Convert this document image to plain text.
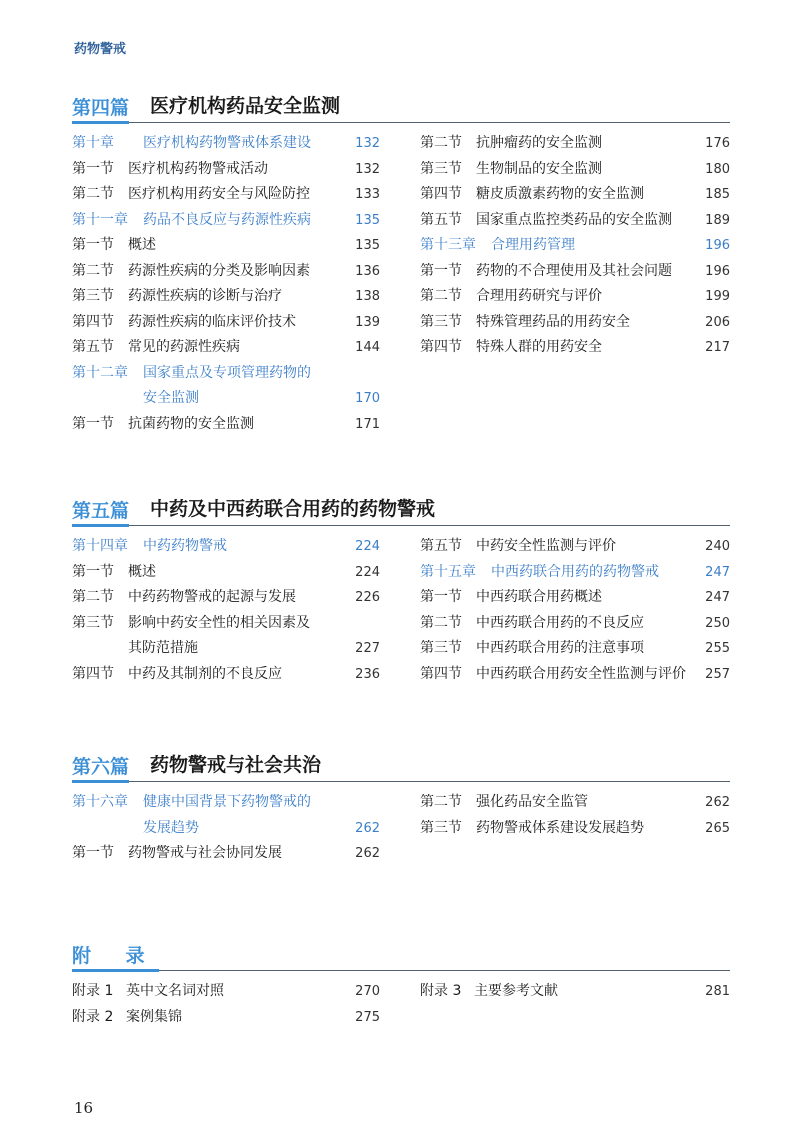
药物警戒
第四篇 医疗机构药品安全监测
第十章 医疗机构药物警戒体系建设	132
第一节 医疗机构药物警戒活动	132
第二节 医疗机构用药安全与风险防控	133
第十一章 药品不良反应与药源性疾病	135
第一节 概述	135
第二节 药源性疾病的分类及影响因素	136
第三节 药源性疾病的诊断与治疗	138
第四节 药源性疾病的临床评价技术	139
第五节 常见的药源性疾病	144
第十二章 国家重点及专项管理药物的
安全监测	170
第一节 抗菌药物的安全监测	171
第二节 抗肿瘤药的安全监测	176
第三节 生物制品的安全监测	180
第四节 糖皮质激素药物的安全监测	185
第五节 国家重点监控类药品的安全监测	189
第十三章 合理用药管理	196
第一节 药物的不合理使用及其社会问题	196
第二节 合理用药研究与评价	199
第三节 特殊管理药品的用药安全	206
第四节 特殊人群的用药安全	217
第五篇 中药及中西药联合用药的药物警戒
第十四章 中药药物警戒	224
第一节 概述	224
第二节 中药药物警戒的起源与发展	226
第三节 影响中药安全性的相关因素及
其防范措施	227
第四节 中药及其制剂的不良反应	236
第五节 中药安全性监测与评价	240
第十五章 中西药联合用药的药物警戒	247
第一节 中西药联合用药概述	247
第二节 中西药联合用药的不良反应	250
第三节 中西药联合用药的注意事项	255
第四节 中西药联合用药安全性监测与评价 257
第六篇 药物警戒与社会共治
第十六章 健康中国背景下药物警戒的
发展趋势	262
第一节 药物警戒与社会协同发展	262
第二节 强化药品安全监管	262
第三节 药物警戒体系建设发展趋势	265
附 录
附录 1 英中文名词对照	270
附录 2 案例集锦	275
附录 3 主要参考文献	281
16
